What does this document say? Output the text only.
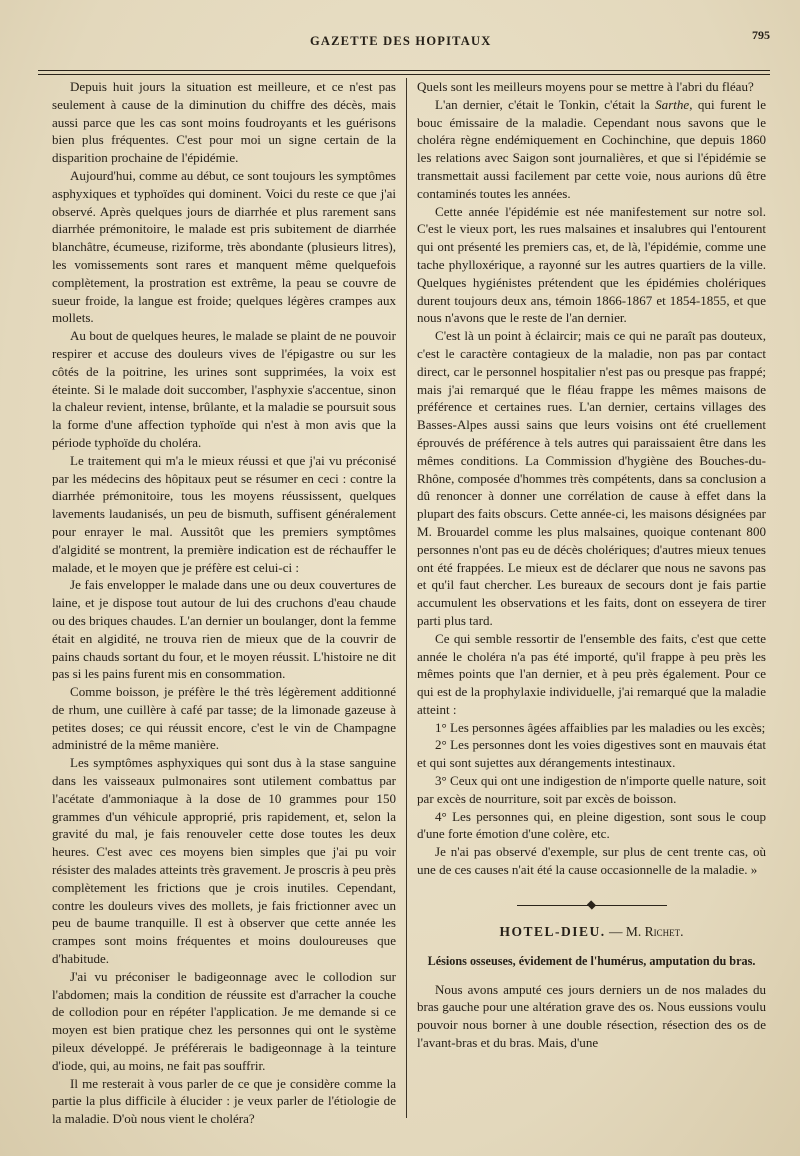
GAZETTE DES HOPITAUX	795

Depuis huit jours la situation est meilleure, et ce n'est pas seulement à cause de la diminution du chiffre des décès, mais aussi parce que les cas sont moins foudroyants et les guérisons bien plus fréquentes. C'est pour moi un signe certain de la disparition prochaine de l'épidémie.

Aujourd'hui, comme au début, ce sont toujours les symptômes asphyxiques et typhoïdes qui dominent. Voici du reste ce que j'ai observé. Après quelques jours de diarrhée et plus rarement sans diarrhée prémonitoire, le malade est pris subitement de diarrhée blanchâtre, écumeuse, riziforme, très abondante (plusieurs litres), les vomissements sont rares et manquent même quelquefois complètement, la prostration est extrême, la peau se couvre de sueur froide, la langue est froide; quelques légères crampes aux mollets.

Au bout de quelques heures, le malade se plaint de ne pouvoir respirer et accuse des douleurs vives de l'épigastre ou sur les côtés de la poitrine, les urines sont supprimées, la voix est éteinte. Si le malade doit succomber, l'asphyxie s'accentue, sinon la chaleur revient, intense, brûlante, et la maladie se poursuit sous la forme d'une affection typhoïde qui n'est à mon avis que la période typhoïde du choléra.

Le traitement qui m'a le mieux réussi et que j'ai vu préconisé par les médecins des hôpitaux peut se résumer en ceci : contre la diarrhée prémonitoire, tous les moyens réussissent, quelques lavements laudanisés, un peu de bismuth, suffisent généralement pour enrayer le mal. Aussitôt que les premiers symptômes d'algidité se montrent, la première indication est de réchauffer le malade, et le moyen que je préfère est celui-ci :

Je fais envelopper le malade dans une ou deux couvertures de laine, et je dispose tout autour de lui des cruchons d'eau chaude ou des briques chaudes. L'an dernier un boulanger, dont la femme était en algidité, ne trouva rien de mieux que de la couvrir de pains chauds sortant du four, et le moyen réussit. L'histoire ne dit pas si les pains furent mis en consommation.

Comme boisson, je préfère le thé très légèrement additionné de rhum, une cuillère à café par tasse; de la limonade gazeuse à petites doses; ce qui réussit encore, c'est le vin de Champagne administré de la même manière.

Les symptômes asphyxiques qui sont dus à la stase sanguine dans les vaisseaux pulmonaires sont utilement combattus par l'acétate d'ammoniaque à la dose de 10 grammes pour 150 grammes d'un véhicule approprié, pris rapidement, et, selon la gravité du mal, je fais renouveler cette dose toutes les deux heures. C'est avec ces moyens bien simples que j'ai pu voir résister des malades atteints très gravement. Je proscris à peu près complètement les frictions que je crois inutiles. Cependant, contre les douleurs vives des mollets, je fais frictionner avec un peu de baume tranquille. Il est à observer que cette année les crampes sont moins fréquentes et moins douloureuses que d'habitude.

J'ai vu préconiser le badigeonnage avec le collodion sur l'abdomen; mais la condition de réussite est d'arracher la couche de collodion pour en répéter l'application. Je me demande si ce moyen est bien pratique chez les personnes qui ont le système pileux développé. Je préférerais le badigeonnage à la teinture d'iode, qui, au moins, ne fait pas souffrir.

Il me resterait à vous parler de ce que je considère comme la partie la plus difficile à élucider : je veux parler de l'étiologie de la maladie. D'où nous vient le choléra?

Quels sont les meilleurs moyens pour se mettre à l'abri du fléau?

L'an dernier, c'était le Tonkin, c'était la Sarthe, qui furent le bouc émissaire de la maladie. Cependant nous savons que le choléra règne endémiquement en Cochinchine, que depuis 1860 les relations avec Saigon sont journalières, et que si l'épidémie se transmettait aussi facilement par cette voie, nous aurions dû être contaminés toutes les années.

Cette année l'épidémie est née manifestement sur notre sol. C'est le vieux port, les rues malsaines et insalubres qui l'entourent qui ont présenté les premiers cas, et, de là, l'épidémie, comme une tache phylloxérique, a rayonné sur les autres quartiers de la ville. Quelques hygiénistes prétendent que les épidémies cholériques durent toujours deux ans, témoin 1866-1867 et 1854-1855, et que nous n'avons que le reste de l'an dernier.

C'est là un point à éclaircir; mais ce qui ne paraît pas douteux, c'est le caractère contagieux de la maladie, non pas par contact direct, car le personnel hospitalier n'est pas ou presque pas frappé; mais j'ai remarqué que le fléau frappe les mêmes maisons de préférence et certaines rues. L'an dernier, certains villages des Basses-Alpes aussi sains que leurs voisins ont été cruellement éprouvés de préférence à tels autres qui paraissaient être dans les mêmes conditions. La Commission d'hygiène des Bouches-du-Rhône, composée d'hommes très compétents, dans sa conclusion a dû renoncer à donner une corrélation de cause à effet dans la plupart des faits obscurs. Cette année-ci, les maisons désignées par M. Brouardel comme les plus malsaines, quoique contenant 800 personnes n'ont pas eu de décès cholériques; d'autres mieux tenues ont été frappées. Le mieux est de déclarer que nous ne savons pas et qu'il faut chercher. Les bureaux de secours dont je fais partie accumulent les observations et les faits, dont on esseyera de tirer parti plus tard.

Ce qui semble ressortir de l'ensemble des faits, c'est que cette année le choléra n'a pas été importé, qu'il frappe à peu près les mêmes points que l'an dernier, et à peu près également. Pour ce qui est de la prophylaxie individuelle, j'ai remarqué que la maladie atteint :

1° Les personnes âgées affaiblies par les maladies ou les excès;

2° Les personnes dont les voies digestives sont en mauvais état et qui sont sujettes aux dérangements intestinaux.

3° Ceux qui ont une indigestion de n'importe quelle nature, soit par excès de nourriture, soit par excès de boisson.

4° Les personnes qui, en pleine digestion, sont sous le coup d'une forte émotion d'une colère, etc.

Je n'ai pas observé d'exemple, sur plus de cent trente cas, où une de ces causes n'ait été la cause occasionnelle de la maladie. »

HOTEL-DIEU. — M. Richet.
Lésions osseuses, évidement de l'humérus, amputation du bras.

Nous avons amputé ces jours derniers un de nos malades du bras gauche pour une altération grave des os. Nous eussions voulu pouvoir nous borner à une double résection, résection des os de l'avant-bras et du bras. Mais, d'une
